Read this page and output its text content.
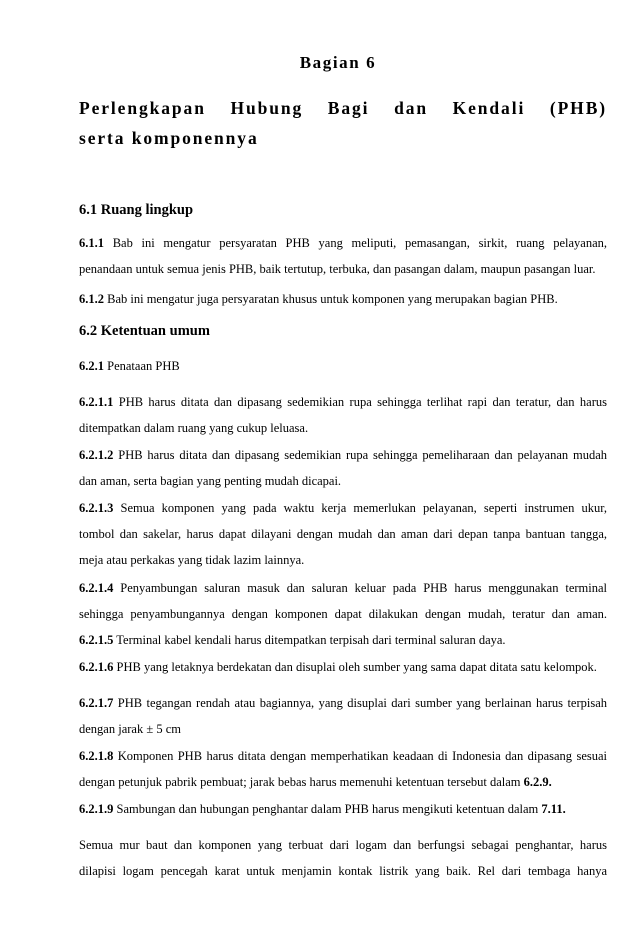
Bagian 6
Perlengkapan Hubung Bagi dan Kendali (PHB)
serta komponennya
6.1 Ruang lingkup
6.1.1 Bab ini mengatur persyaratan PHB yang meliputi, pemasangan, sirkit, ruang pelayanan,
penandaan untuk semua jenis PHB, baik tertutup, terbuka, dan pasangan dalam, maupun pasangan luar.
6.1.2 Bab ini mengatur juga persyaratan khusus untuk komponen yang merupakan bagian PHB.
6.2 Ketentuan umum
6.2.1 Penataan PHB
6.2.1.1 PHB harus ditata dan dipasang sedemikian rupa sehingga terlihat rapi dan teratur, dan harus
ditempatkan dalam ruang yang cukup leluasa.
6.2.1.2 PHB harus ditata dan dipasang sedemikian rupa sehingga pemeliharaan dan pelayanan mudah
dan aman, serta bagian yang penting mudah dicapai.
6.2.1.3 Semua komponen yang pada waktu kerja memerlukan pelayanan, seperti instrumen ukur,
tombol dan sakelar, harus dapat dilayani dengan mudah dan aman dari depan tanpa bantuan tangga,
meja atau perkakas yang tidak lazim lainnya.
6.2.1.4 Penyambungan saluran masuk dan saluran keluar pada PHB harus menggunakan terminal
sehingga penyambungannya dengan komponen dapat dilakukan dengan mudah, teratur dan aman.
6.2.1.5 Terminal kabel kendali harus ditempatkan terpisah dari terminal saluran daya.
6.2.1.6 PHB yang letaknya berdekatan dan disuplai oleh sumber yang sama dapat ditata satu kelompok.
6.2.1.7 PHB tegangan rendah atau bagiannya, yang disuplai dari sumber yang berlainan harus terpisah
dengan jarak ± 5 cm
6.2.1.8 Komponen PHB harus ditata dengan memperhatikan keadaan di Indonesia dan dipasang sesuai
dengan petunjuk pabrik pembuat; jarak bebas harus memenuhi ketentuan tersebut dalam 6.2.9.
6.2.1.9 Sambungan dan hubungan penghantar dalam PHB harus mengikuti ketentuan dalam 7.11.
Semua mur baut dan komponen yang terbuat dari logam dan berfungsi sebagai penghantar, harus
dilapisi logam pencegah karat untuk menjamin kontak listrik yang baik. Rel dari tembaga hanya
